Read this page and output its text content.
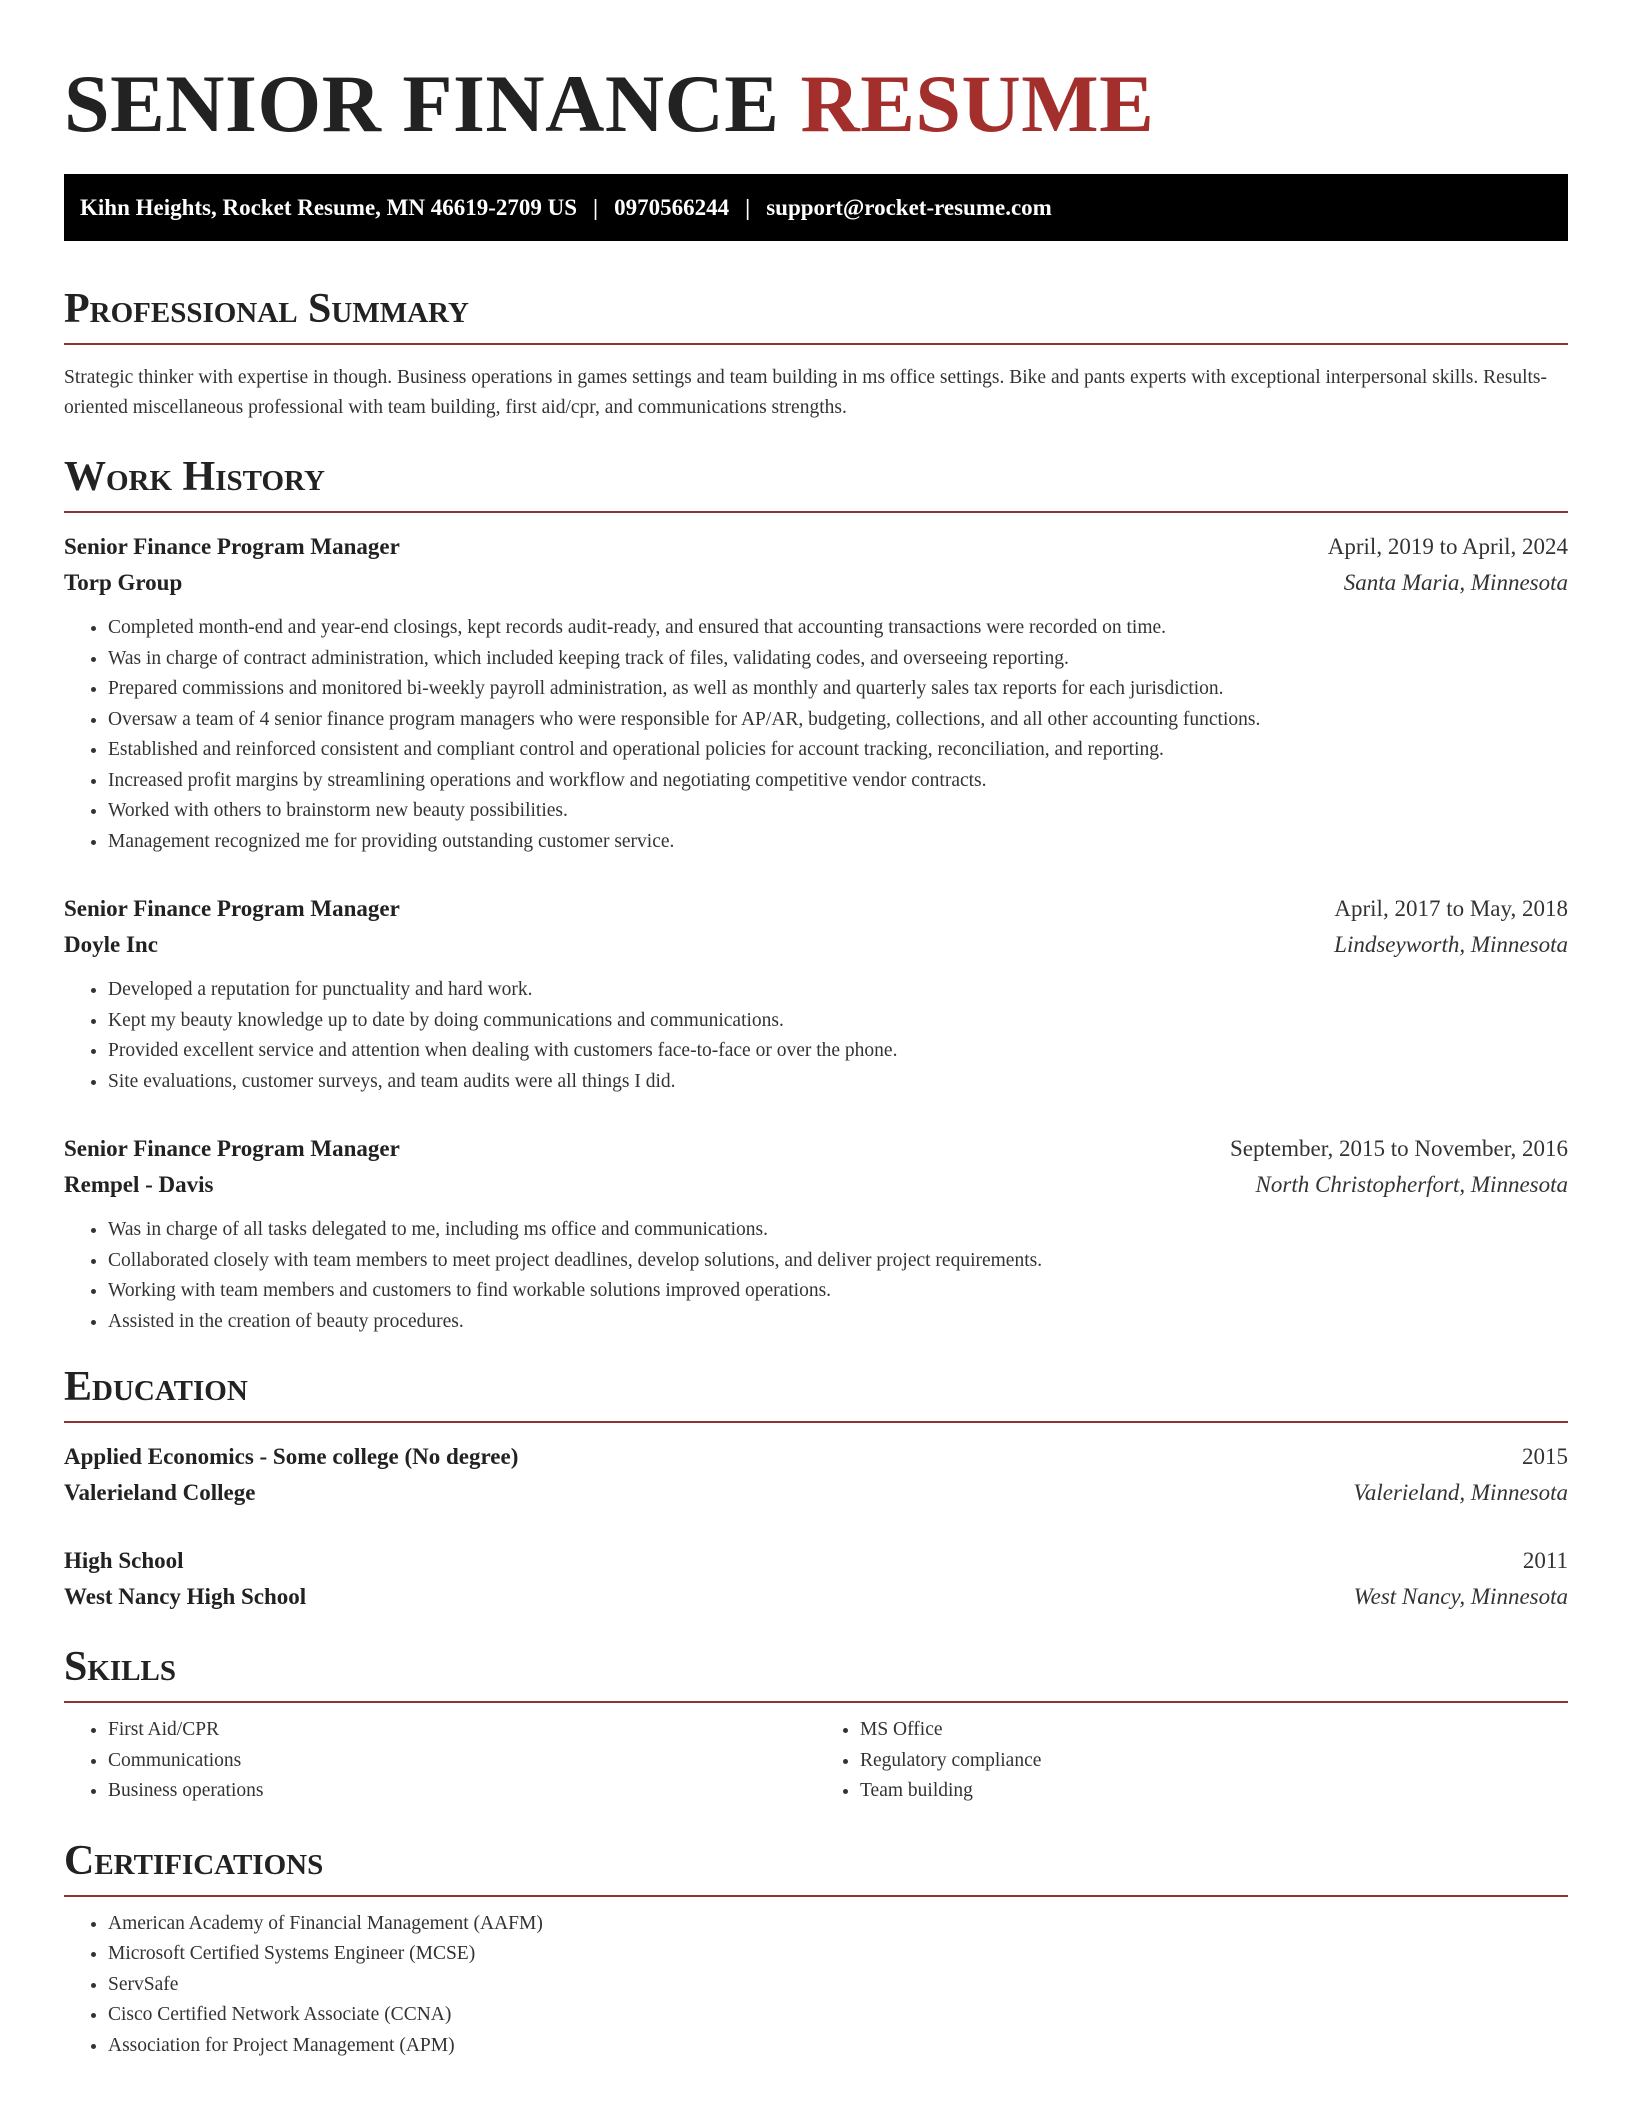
SENIOR FINANCE RESUME
Kihn Heights, Rocket Resume, MN 46619-2709 US | 0970566244 | support@rocket-resume.com
Professional Summary

Strategic thinker with expertise in though. Business operations in games settings and team building in ms office settings. Bike and pants experts with exceptional interpersonal skills. Results-oriented miscellaneous professional with team building, first aid/cpr, and communications strengths.

Work History
Senior Finance Program Manager	April, 2019 to April, 2024
Torp Group	Santa Maria, Minnesota
• Completed month-end and year-end closings, kept records audit-ready, and ensured that accounting transactions were recorded on time.
• Was in charge of contract administration, which included keeping track of files, validating codes, and overseeing reporting.
• Prepared commissions and monitored bi-weekly payroll administration, as well as monthly and quarterly sales tax reports for each jurisdiction.
• Oversaw a team of 4 senior finance program managers who were responsible for AP/AR, budgeting, collections, and all other accounting functions.
• Established and reinforced consistent and compliant control and operational policies for account tracking, reconciliation, and reporting.
• Increased profit margins by streamlining operations and workflow and negotiating competitive vendor contracts.
• Worked with others to brainstorm new beauty possibilities.
• Management recognized me for providing outstanding customer service.
Senior Finance Program Manager	April, 2017 to May, 2018
Doyle Inc	Lindseyworth, Minnesota
• Developed a reputation for punctuality and hard work.
• Kept my beauty knowledge up to date by doing communications and communications.
• Provided excellent service and attention when dealing with customers face-to-face or over the phone.
• Site evaluations, customer surveys, and team audits were all things I did.
Senior Finance Program Manager	September, 2015 to November, 2016
Rempel - Davis	North Christopherfort, Minnesota
• Was in charge of all tasks delegated to me, including ms office and communications.
• Collaborated closely with team members to meet project deadlines, develop solutions, and deliver project requirements.
• Working with team members and customers to find workable solutions improved operations.
• Assisted in the creation of beauty procedures.
Education
Applied Economics - Some college (No degree)	2015
Valerieland College	Valerieland, Minnesota
High School	2011
West Nancy High School	West Nancy, Minnesota
Skills
• First Aid/CPR
• Communications
• Business operations
• MS Office
• Regulatory compliance
• Team building
Certifications
• American Academy of Financial Management (AAFM)
• Microsoft Certified Systems Engineer (MCSE)
• ServSafe
• Cisco Certified Network Associate (CCNA)
• Association for Project Management (APM)
